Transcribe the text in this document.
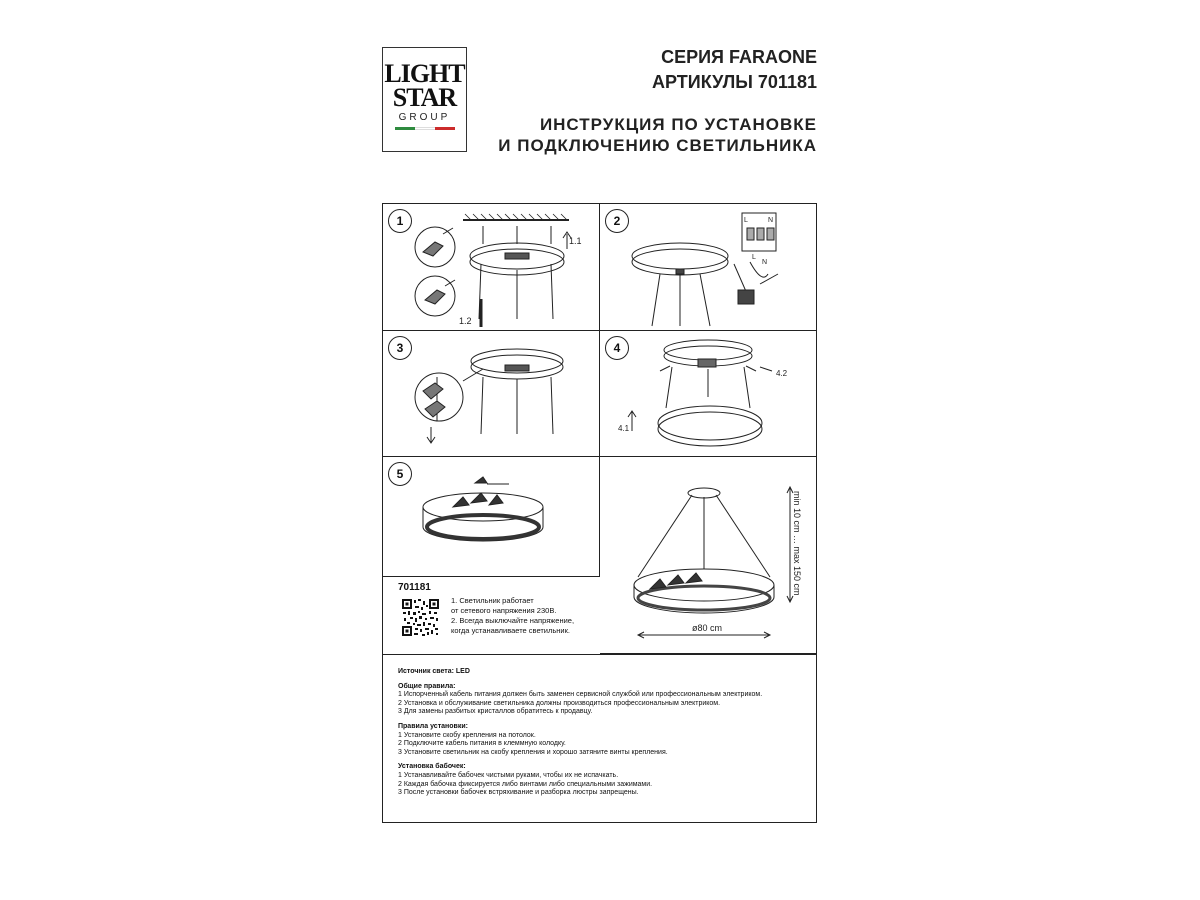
LIGHT
STAR
GROUP
СЕРИЯ FARAONE
АРТИКУЛЫ 701181
ИНСТРУКЦИЯ ПО УСТАНОВКЕ
И ПОДКЛЮЧЕНИЮ СВЕТИЛЬНИКА
1
1.1
1.2
2	L	N
L
N
3	4
4.2
4.1
5
ø80 cm
min 10 cm … max 150 cm
701181
1. Светильник работает
от сетевого напряжения 230В.
2. Всегда выключайте напряжение,
когда устанавливаете светильник.
Источник света: LED
Общие правила:
1 Испорченный кабель питания должен быть заменен сервисной службой или профессиональным электриком.
2 Установка и обслуживание светильника должны производиться профессиональным электриком.
3 Для замены разбитых кристаллов обратитесь к продавцу.
Правила установки:
1 Установите скобу крепления на потолок.
2 Подключите кабель питания в клеммную колодку.
3 Установите светильник на скобу крепления и хорошо затяните винты крепления.
Установка бабочек:
1 Устанавливайте бабочек чистыми руками, чтобы их не испачкать.
2 Каждая бабочка фиксируется либо винтами либо специальными зажимами.
3 После установки бабочек встряхивание и разборка люстры запрещены.
